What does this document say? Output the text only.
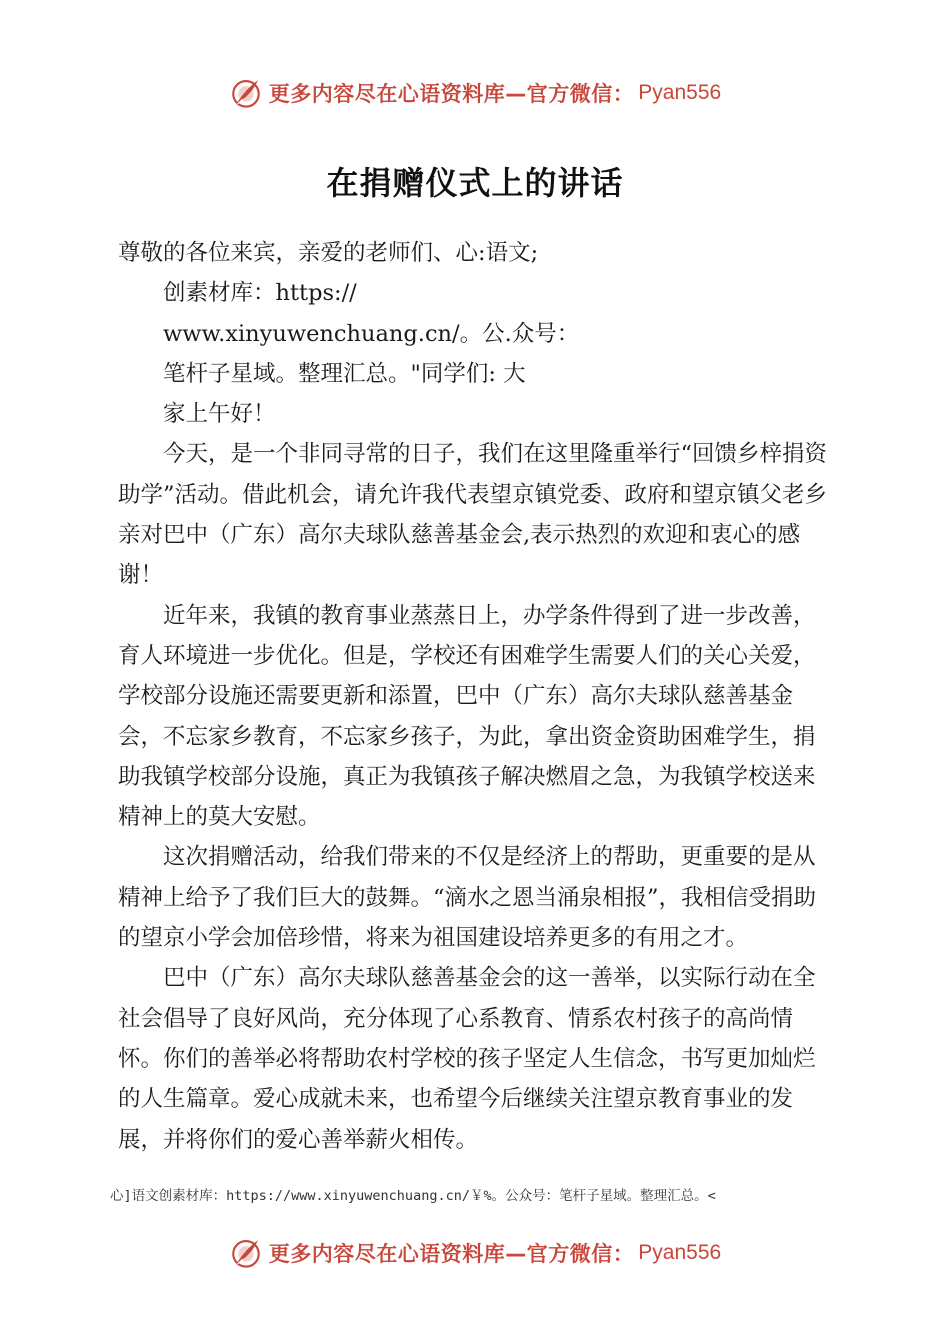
更多内容尽在心语资料库—官方微信： Pyan556
在捐赠仪式上的讲话

尊敬的各位来宾，亲爱的老师们、心:语文;

创素材库：https://

www.xinyuwenchuang.cn/。公.众号：

笔杆子星域。整理汇总。"同学们: 大

家上午好！

今天，是一个非同寻常的日子，我们在这里隆重举行“回馈乡梓捐资助学”活动。借此机会，请允许我代表望京镇党委、政府和望京镇父老乡亲对巴中（广东）高尔夫球队慈善基金会,表示热烈的欢迎和衷心的感谢！

近年来，我镇的教育事业蒸蒸日上，办学条件得到了进一步改善，育人环境进一步优化。但是，学校还有困难学生需要人们的关心关爱，学校部分设施还需要更新和添置，巴中（广东）高尔夫球队慈善基金会，不忘家乡教育，不忘家乡孩子，为此，拿出资金资助困难学生，捐助我镇学校部分设施，真正为我镇孩子解决燃眉之急，为我镇学校送来精神上的莫大安慰。

这次捐赠活动，给我们带来的不仅是经济上的帮助，更重要的是从精神上给予了我们巨大的鼓舞。“滴水之恩当涌泉相报”，我相信受捐助的望京小学会加倍珍惜，将来为祖国建设培养更多的有用之才。

巴中（广东）高尔夫球队慈善基金会的这一善举，以实际行动在全社会倡导了良好风尚，充分体现了心系教育、情系农村孩子的高尚情怀。你们的善举必将帮助农村学校的孩子坚定人生信念，书写更加灿烂的人生篇章。爱心成就未来，也希望今后继续关注望京教育事业的发展，并将你们的爱心善举薪火相传。

心]语文创素材库：https://www.xinyuwenchuang.cn/￥%。公众号：笔杆子星域。整理汇总。<
更多内容尽在心语资料库—官方微信： Pyan556
